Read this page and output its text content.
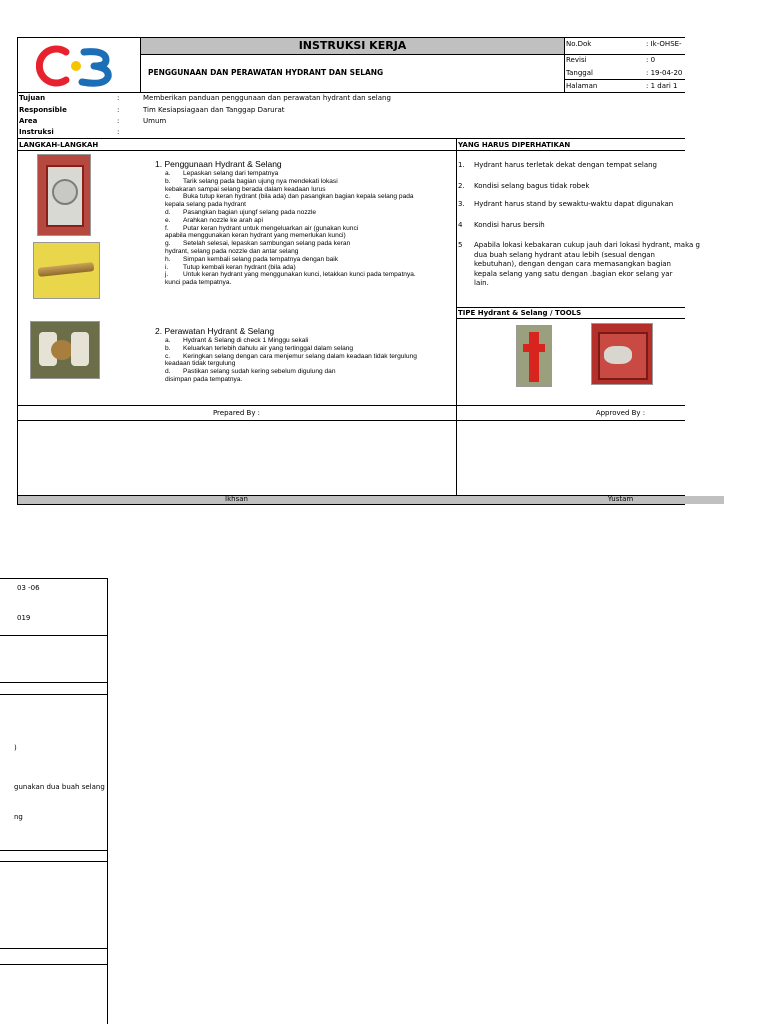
INSTRUKSI KERJA
PENGGUNAAN DAN PERAWATAN HYDRANT DAN SELANG
No.Dok	: Ik-OHSE-
Revisi	: 0
Tanggal	: 19-04-20
Halaman	: 1 dari 1
Tujuan	:	Memberikan panduan penggunaan dan perawatan hydrant dan selang
Responsible	:	Tim Kesiapsiagaan dan Tanggap Darurat
Area	:	Umum
Instruksi	:
LANGKAH-LANGKAH	YANG HARUS DIPERHATIKAN
1. Penggunaan Hydrant & Selang
a. Lepaskan selang dari tempatnya
b. Tarik selang pada bagian ujung nya mendekati lokasi
kebakaran sampai selang berada dalam keadaan lurus
c. Buka tutup keran hydrant (bila ada) dan pasangkan bagian kepala selang pada
kepala selang pada hydrant
d. Pasangkan bagian ujungf selang pada nozzle
e. Arahkan nozzle ke arah api
f. Putar keran hydrant untuk mengeluarkan air (gunakan kunci
apabila menggunakan keran hydrant yang memerlukan kunci)
g. Setelah selesai, lepaskan sambungan selang pada keran
hydrant, selang pada nozzle dan antar selang
h. Simpan kembali selang pada tempatnya dengan baik
i. Tutup kembali keran hydrant (bila ada)
j. Untuk keran hydrant yang menggunakan kunci, letakkan kunci pada tempatnya.
kunci pada tempatnya.
2. Perawatan Hydrant & Selang
a. Hydrant & Selang di check 1 Minggu sekali
b. Keluarkan terlebih dahulu air yang tertinggal dalam selang
c. Keringkan selang dengan cara menjemur selang dalam keadaan tidak tergulung
keadaan tidak tergulung
d. Pastikan selang sudah kering sebelum digulung dan
disimpan pada tempatnya.
1. Hydrant harus terletak dekat dengan tempat selang
2. Kondisi selang bagus tidak robek
3. Hydrant harus stand by sewaktu-waktu dapat digunakan
4 Kondisi harus bersih
5 Apabila lokasi kebakaran cukup jauh dari lokasi hydrant, maka g
dua buah selang hydrant atau lebih (sesual dengan
kebutuhan), dengan dengan cara memasangkan bagian
kepala selang yang satu dengan .bagian ekor selang yar
lain.
TIPE Hydrant & Selang / TOOLS
Prepared By :	Approved By :
Ikhsan	Yustam
03 -06
019
)
gunakan dua buah selang
ng
